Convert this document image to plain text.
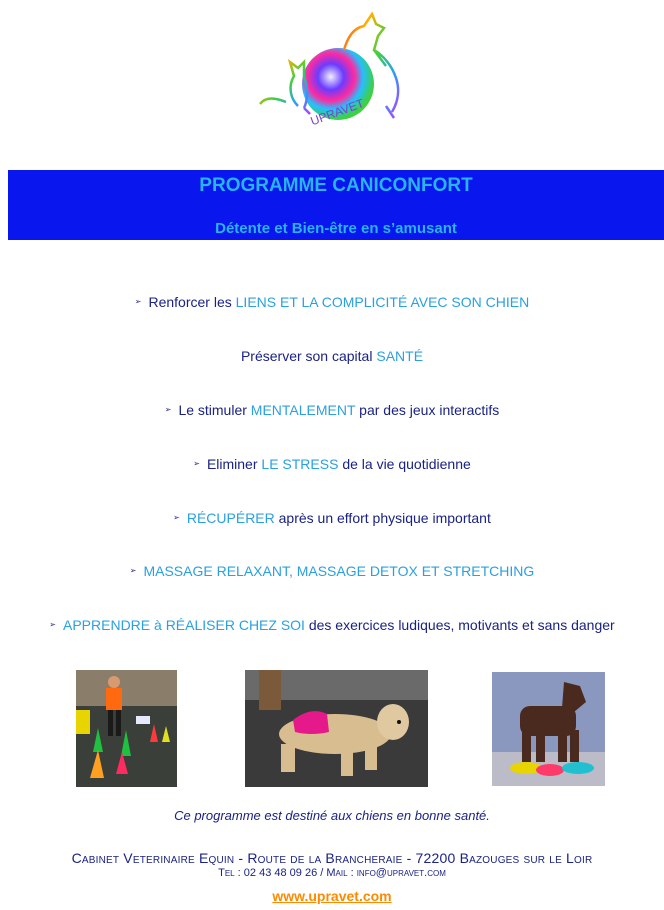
UPRAVET
PROGRAMME CANICONFORT
Détente et Bien-être en s’amusant
➢ Renforcer les LIENS ET LA COMPLICITÉ AVEC SON CHIEN
Préserver son capital SANTÉ
➢ Le stimuler MENTALEMENT par des jeux interactifs
➢ Eliminer LE STRESS de la vie quotidienne
➢ RÉCUPÉRER après un effort physique important
➢ MASSAGE RELAXANT, MASSAGE DETOX ET STRETCHING
➢ APPRENDRE à RÉALISER CHEZ SOI des exercices ludiques, motivants et sans danger
Ce programme est destiné aux chiens en bonne santé.
Cabinet Veterinaire Equin - Route de la Brancheraie - 72200 Bazouges sur le Loir
Tel : 02 43 48 09 26 / Mail : info@upravet.com
www.upravet.com
